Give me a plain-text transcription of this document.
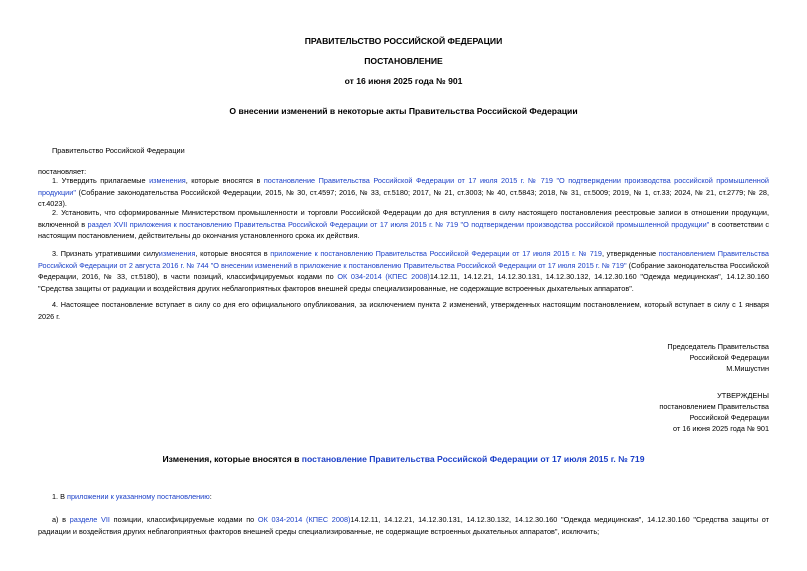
ПРАВИТЕЛЬСТВО РОССИЙСКОЙ ФЕДЕРАЦИИ
ПОСТАНОВЛЕНИЕ
от 16 июня 2025 года № 901
О внесении изменений в некоторые акты Правительства Российской Федерации
Правительство Российской Федерации
постановляет:
1. Утвердить прилагаемые изменения, которые вносятся в постановление Правительства Российской Федерации от 17 июля 2015 г. № 719 "О подтверждении производства российской промышленной продукции" (Собрание законодательства Российской Федерации, 2015, № 30, ст.4597; 2016, № 33, ст.5180; 2017, № 21, ст.3003; № 40, ст.5843; 2018, № 31, ст.5009; 2019, № 1, ст.33; 2024, № 21, ст.2779; № 28, ст.4023).
2. Установить, что сформированные Министерством промышленности и торговли Российской Федерации до дня вступления в силу настоящего постановления реестровые записи в отношении продукции, включенной в раздел XVII приложения к постановлению Правительства Российской Федерации от 17 июля 2015 г. № 719 "О подтверждении производства российской промышленной продукции" в соответствии с настоящим постановлением, действительны до окончания установленного срока их действия.
3. Признать утратившими силуизменения, которые вносятся в приложение к постановлению Правительства Российской Федерации от 17 июля 2015 г. № 719, утвержденные постановлением Правительства Российской Федерации от 2 августа 2016 г. № 744 "О внесении изменений в приложение к постановлению Правительства Российской Федерации от 17 июля 2015 г. № 719" (Собрание законодательства Российской Федерации, 2016, № 33, ст.5180), в части позиций, классифицируемых кодами по ОК 034-2014 (КПЕС 2008)14.12.11, 14.12.21, 14.12.30.131, 14.12.30.132, 14.12.30.160 "Одежда медицинская", 14.12.30.160 "Средства защиты от радиации и воздействия других неблагоприятных факторов внешней среды специализированные, не содержащие встроенных дыхательных аппаратов".
4. Настоящее постановление вступает в силу со дня его официального опубликования, за исключением пункта 2 изменений, утвержденных настоящим постановлением, который вступает в силу с 1 января 2026 г.
Председатель Правительства
Российской Федерации
М.Мишустин
УТВЕРЖДЕНЫ
постановлением Правительства
Российской Федерации
от 16 июня 2025 года № 901
Изменения, которые вносятся в постановление Правительства Российской Федерации от 17 июля 2015 г. № 719
1. В приложении к указанному постановлению:
а) в разделе VII позиции, классифицируемые кодами по ОК 034-2014 (КПЕС 2008)14.12.11, 14.12.21, 14.12.30.131, 14.12.30.132, 14.12.30.160 "Одежда медицинская", 14.12.30.160 "Средства защиты от радиации и воздействия других неблагоприятных факторов внешней среды специализированные, не содержащие встроенных дыхательных аппаратов", исключить;
